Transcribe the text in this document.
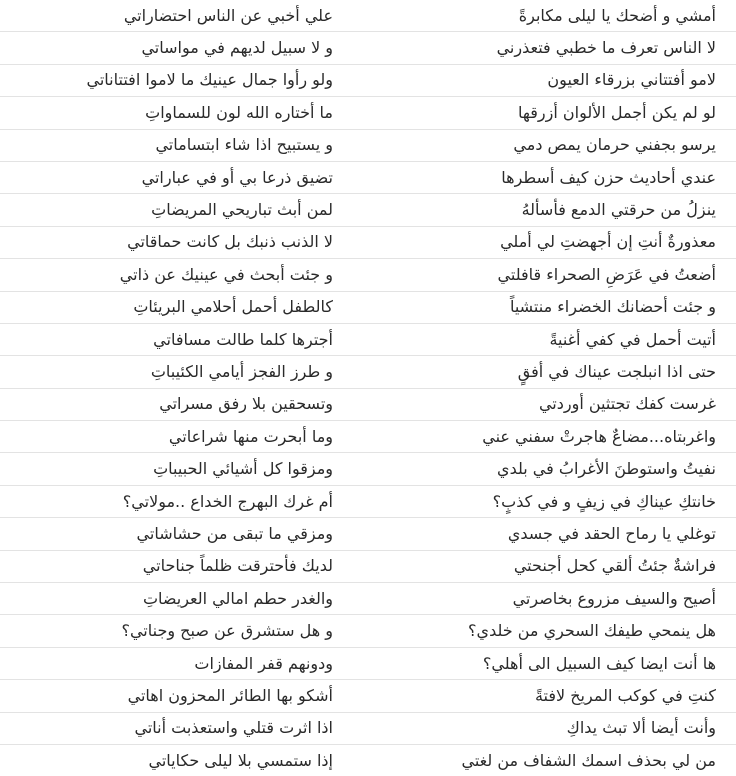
أمشي و أضحك يا ليلى مكابرةً	علي أخبي عن الناس احتضاراتي
لا الناس تعرف ما خطبي فتعذرني	و لا سبيل لديهم في مواساتي
لامو أفتتاني بزرقاء العيون	ولو رأوا جمال عينيك ما لاموا افتتاناتي
لو لم يكن أجمل الألوان أزرقها	ما أختاره الله لون للسماواتِ
يرسو بجفني حرمان يمص دمي	و يستبيح اذا شاء ابتساماتي
عندي أحاديث حزن كيف أسطرها	تضيق ذرعا بي أو في عباراتي
ينزلُ من حرقتي الدمع فأسألهُ	لمن أبث تباريحي المريضاتِ
معذورةٌ أنتِ إن أجهضتِ لي أملي	لا الذنب ذنبك بل كانت حماقاتي
أضعتُ في عَرَضِ الصحراء قافلتي	و جئت أبحث في عينيك عن ذاتي
و جئت أحضانك الخضراء منتشياً	كالطفل أحمل أحلامي البريئاتِ
أتيت أحمل في كفي أغنيةً	أجترها كلما طالت مسافاتي
حتى اذا انبلجت عيناك في أفقٍ	و طرز الفجز أيامي الكئيباتِ
غرست كفك تجتثين أوردتي	وتسحقين بلا رفق مسراتي
واغربتاه...مضاعٌ هاجرتْ سفني عني	وما أبحرت منها شراعاتي
نفيتُ واستوطنَ الأغرابُ في بلدي	ومزقوا كل أشيائي الحبيباتِ
خانتكِ عيناكِ في زيفٍ و في كذبٍ؟	أم غرك البهرج الخداع ..مولاتي؟
توغلي يا رماح الحقد في جسدي	ومزقي ما تبقى من حشاشاتي
فراشةٌ جئتُ ألقي كحل أجنحتي	لديك فأحترقت ظلماً جناحاتي
أصيح والسيف مزروع بخاصرتي	والغدر حطم امالي العريضاتِ
هل ينمحي طيفك السحري من خلدي؟	و هل ستشرق عن صبح وجناتي؟
ها أنت ايضا كيف السبيل الى أهلي؟	ودونهم قفر المفازات
كنتِ في كوكب المريخ لافتةً	أشكو بها الطائر المحزون اهاتي
وأنت أيضا ألا تبث يداكِ	اذا اثرت قتلي واستعذبت أناتي
من لي بحذف اسمك الشفاف من لغتي	إذا ستمسي بلا ليلى حكاياتي
